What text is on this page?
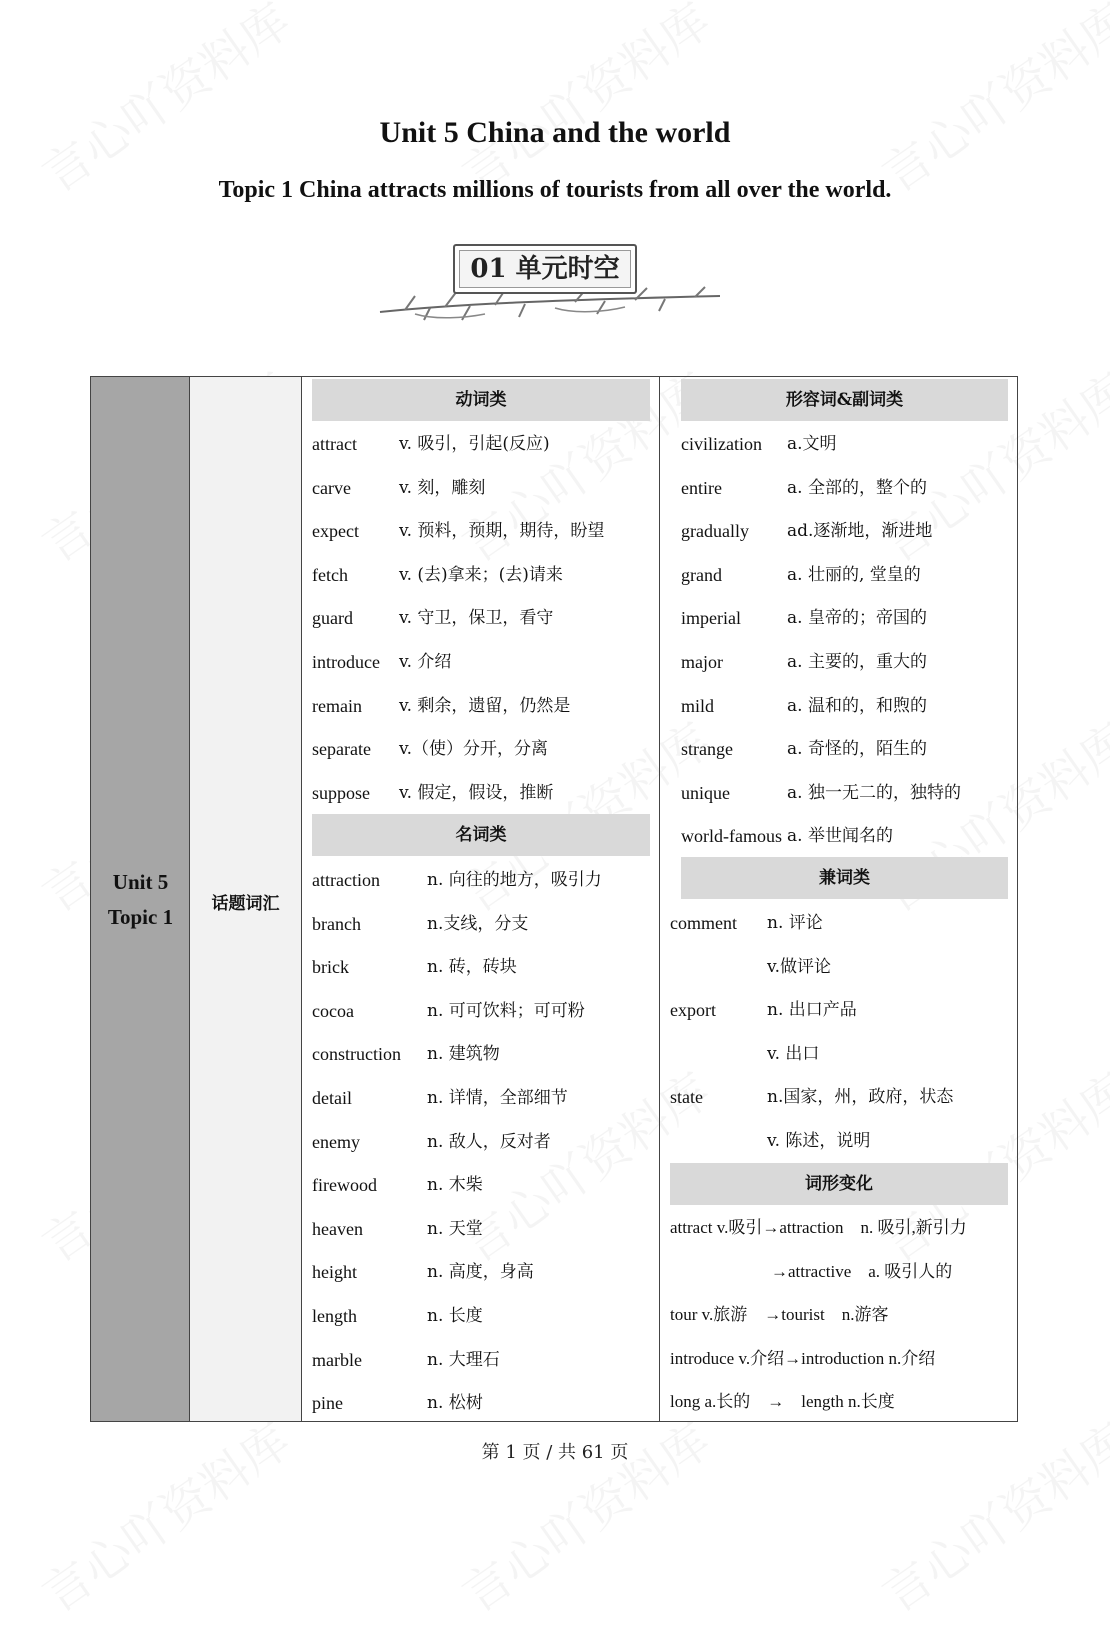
Unit 5 China and the world
Topic 1 China attracts millions of tourists from all over the world.
01 单元时空
Unit 5
Topic 1
话题词汇
动词类
attract v. 吸引，引起(反应)
carve	v. 刻，雕刻
expect v. 预料，预期，期待，盼望
fetch	v. (去)拿来；(去)请来
guard	v. 守卫，保卫，看守
introduce v. 介绍
remain v. 剩余，遗留，仍然是
separate v.（使）分开，分离
suppose v. 假定，假设，推断
名词类
attraction	n. 向往的地方，吸引力
branch	n.支线，分支
brick	n. 砖，砖块
cocoa	n. 可可饮料；可可粉
construction n. 建筑物
detail	n. 详情，全部细节
enemy	n. 敌人，反对者
firewood	n. 木柴
heaven	n. 天堂
height	n. 高度，身高
length	n. 长度
marble	n. 大理石
pine	n. 松树
形容词&副词类
civilization a.文明
entire	a. 全部的，整个的
gradually ad.逐渐地，渐进地
grand	a. 壮丽的, 堂皇的
imperial	a. 皇帝的；帝国的
major	a. 主要的，重大的
mild	a. 温和的，和煦的
strange	a. 奇怪的，陌生的
unique	a. 独一无二的，独特的
world-famous a. 举世闻名的
兼词类
comment n. 评论
v.做评论
export	n. 出口产品
v. 出口
state	n.国家，州，政府，状态
v. 陈述，说明
词形变化
attract v.吸引→attraction　n. 吸引,新引力
→attractive　a. 吸引人的
tour v.旅游　→tourist　n.游客
introduce v.介绍→introduction n.介绍
long a.长的　→　length n.长度
第 1 页 / 共 61 页
